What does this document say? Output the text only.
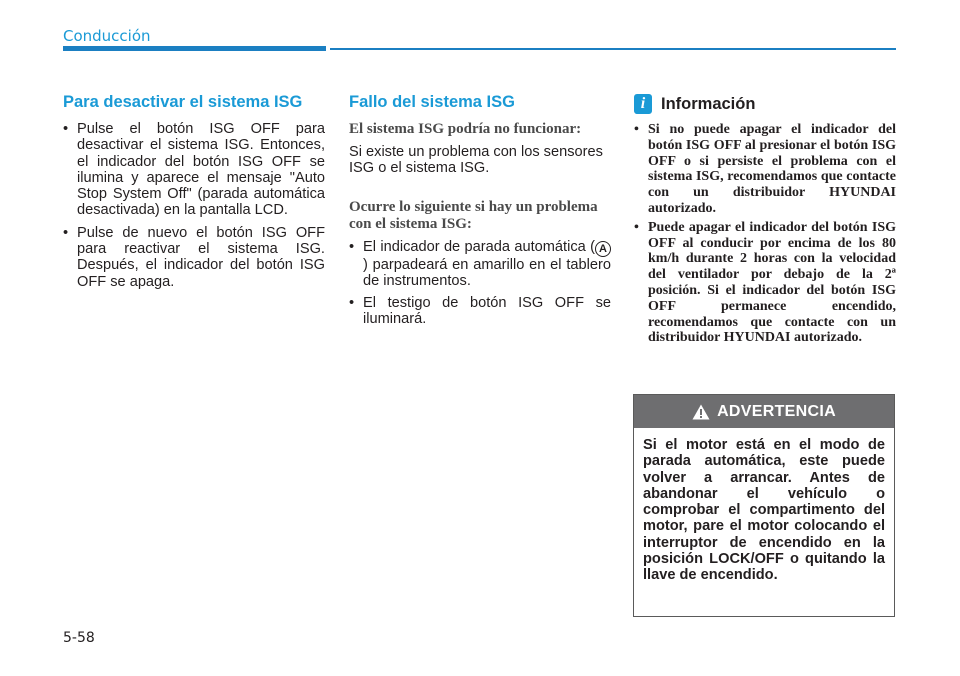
Conducción
Para desactivar el sistema ISG
• Pulse el botón ISG OFF para desactivar el sistema ISG. Entonces, el indicador del botón ISG OFF se ilumina y aparece el mensaje "Auto Stop System Off" (parada automática desactivada) en la pantalla LCD.
• Pulse de nuevo el botón ISG OFF para reactivar el sistema ISG. Después, el indicador del botón ISG OFF se apaga.
Fallo del sistema ISG

El sistema ISG podría no funcionar:

Si existe un problema con los sensores ISG o el sistema ISG.

Ocurre lo siguiente si hay un problema con el sistema ISG:

• El indicador de parada automática ( A) parpadeará en amarillo en el tablero de instrumentos.
• El testigo de botón ISG OFF se iluminará.
i Información
• Si no puede apagar el indicador del botón ISG OFF al presionar el botón ISG OFF o si persiste el problema con el sistema ISG, recomendamos que contacte con un distribuidor HYUNDAI autorizado.
• Puede apagar el indicador del botón ISG OFF al conducir por encima de los 80 km/h durante 2 horas con la velocidad del ventilador por debajo de la 2ª posición. Si el indicador del botón ISG OFF permanece encendido, recomendamos que contacte con un distribuidor HYUNDAI autorizado.
ADVERTENCIA
Si el motor está en el modo de parada automática, este puede volver a arrancar. Antes de abandonar el vehículo o comprobar el compartimento del motor, pare el motor colocando el interruptor de encendido en la posición LOCK/OFF o quitando la llave de encendido.
5-58
